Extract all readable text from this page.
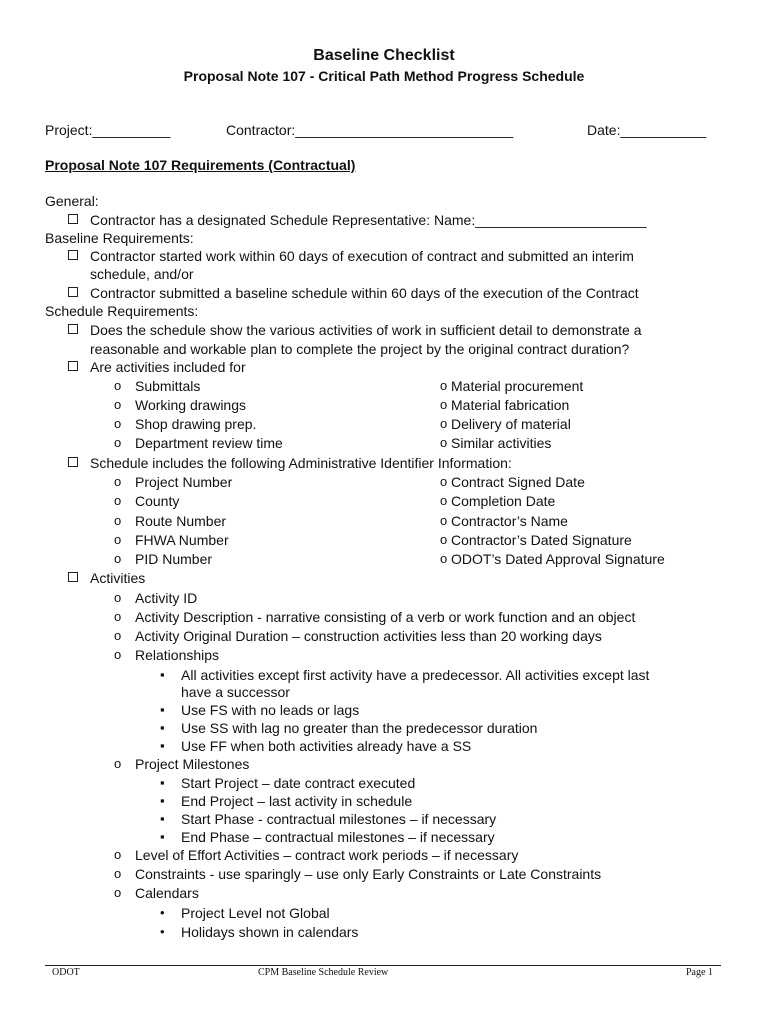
Baseline Checklist
Proposal Note 107 - Critical Path Method Progress Schedule
Project:__________	Contractor:____________________________	Date:___________
Proposal Note 107 Requirements (Contractual)
General:
Contractor has a designated Schedule Representative: Name:______________________
Baseline Requirements:
Contractor started work within 60 days of execution of contract and submitted an interim
schedule, and/or
Contractor submitted a baseline schedule within 60 days of the execution of the Contract
Schedule Requirements:
Does the schedule show the various activities of work in sufficient detail to demonstrate a
reasonable and workable plan to complete the project by the original contract duration?
Are activities included for
o Submittals	o Material procurement
o Working drawings	o Material fabrication
o Shop drawing prep.	o Delivery of material
o Department review time	o Similar activities
Schedule includes the following Administrative Identifier Information:
o Project Number	o Contract Signed Date
o County	o Completion Date
o Route Number	o Contractor’s Name
o FHWA Number	o Contractor’s Dated Signature
o PID Number	o ODOT’s Dated Approval Signature
Activities
o Activity ID
o Activity Description - narrative consisting of a verb or work function and an object
o Activity Original Duration – construction activities less than 20 working days
o Relationships
▪ All activities except first activity have a predecessor. All activities except last
have a successor
▪ Use FS with no leads or lags
▪ Use SS with lag no greater than the predecessor duration
▪ Use FF when both activities already have a SS
o Project Milestones
▪ Start Project – date contract executed
▪ End Project – last activity in schedule
▪ Start Phase - contractual milestones – if necessary
▪ End Phase – contractual milestones – if necessary
o Level of Effort Activities – contract work periods – if necessary
o Constraints - use sparingly – use only Early Constraints or Late Constraints
o Calendars
• Project Level not Global
• Holidays shown in calendars
ODOT	CPM Baseline Schedule Review	Page 1
